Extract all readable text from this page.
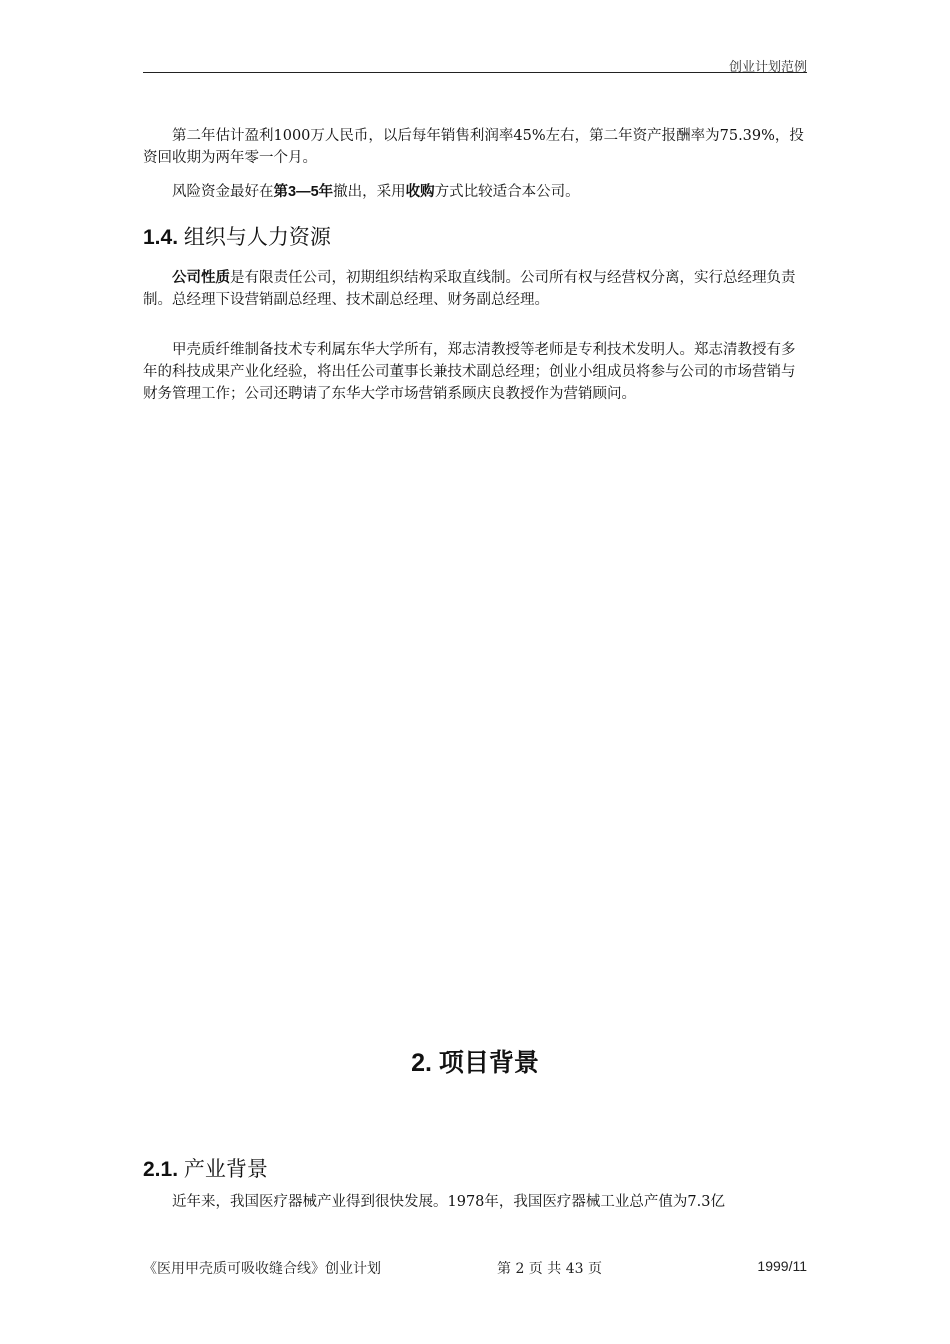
创业计划范例

第二年估计盈利1000万人民币，以后每年销售利润率45%左右，第二年资产报酬率为75.39%，投资回收期为两年零一个月。

风险资金最好在第3—5年撤出，采用收购方式比较适合本公司。

1.4. 组织与人力资源

公司性质是有限责任公司，初期组织结构采取直线制。公司所有权与经营权分离，实行总经理负责制。总经理下设营销副总经理、技术副总经理、财务副总经理。

甲壳质纤维制备技术专利属东华大学所有，郑志清教授等老师是专利技术发明人。郑志清教授有多年的科技成果产业化经验，将出任公司董事长兼技术副总经理；创业小组成员将参与公司的市场营销与财务管理工作；公司还聘请了东华大学市场营销系顾庆良教授作为营销顾问。

2. 项目背景
2.1. 产业背景

近年来，我国医疗器械产业得到很快发展。1978年，我国医疗器械工业总产值为7.3亿

《医用甲壳质可吸收缝合线》创业计划	第 2 页 共 43 页	1999/11
